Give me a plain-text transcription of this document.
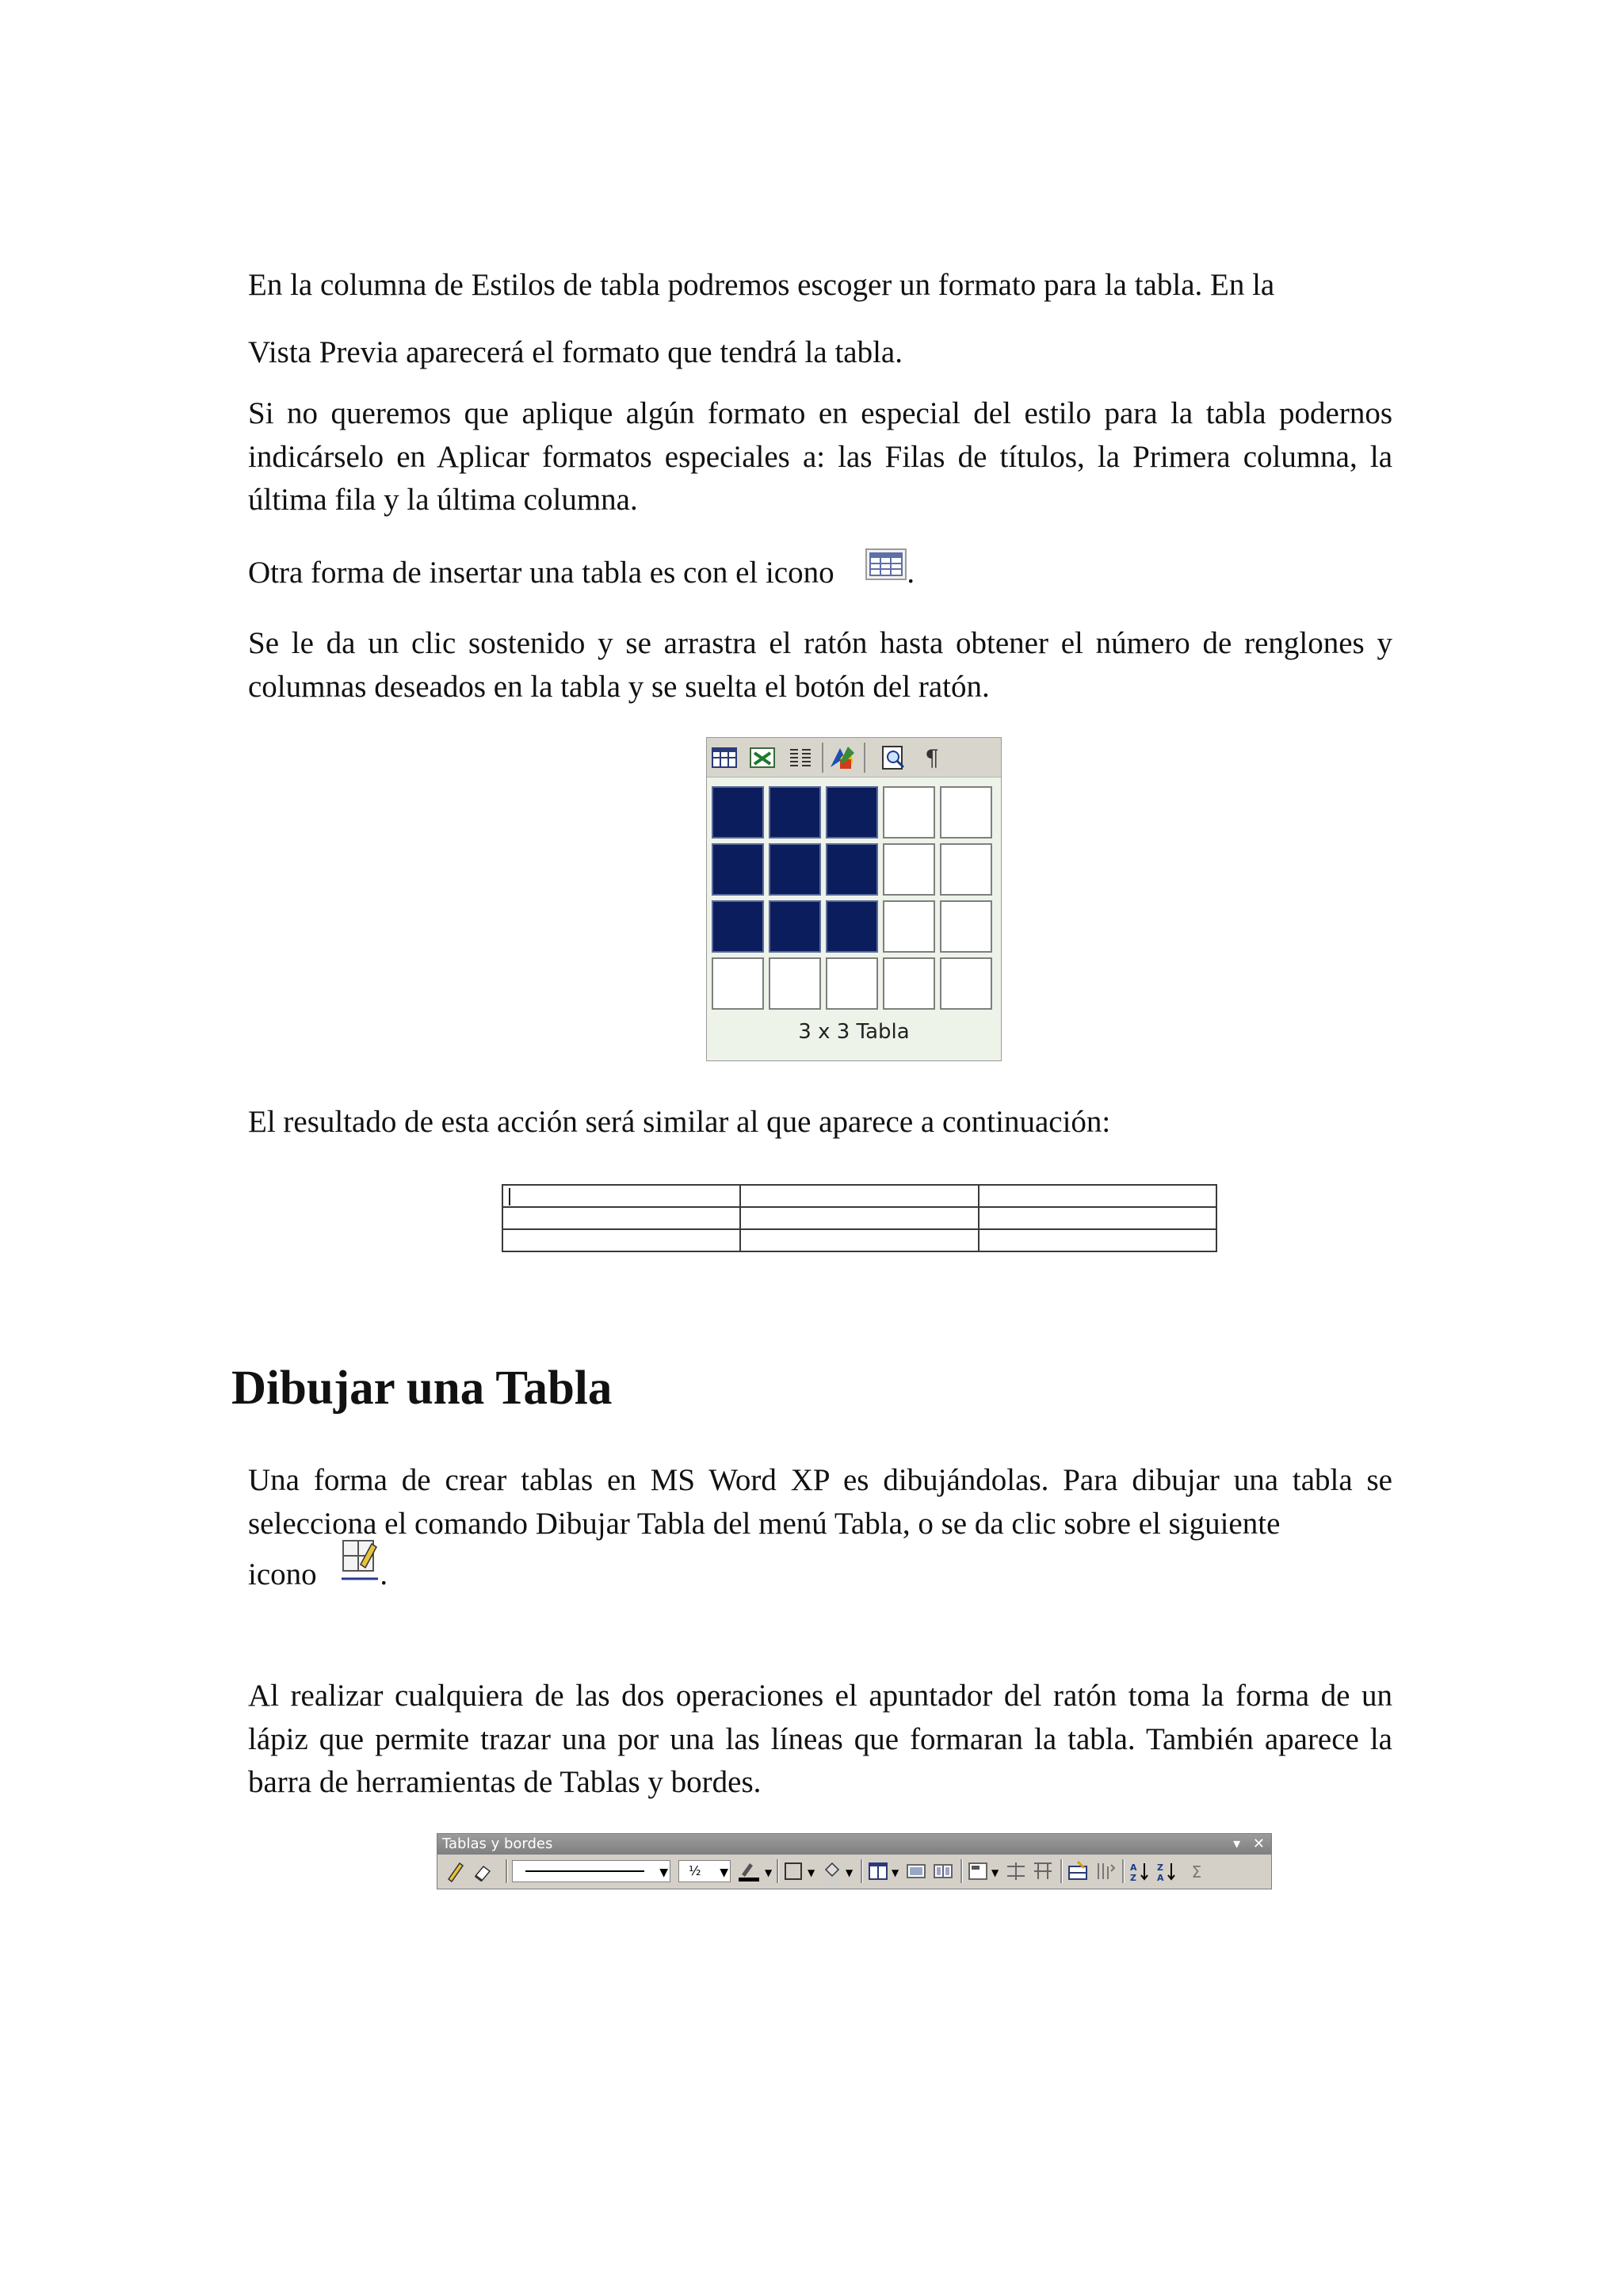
En la columna de Estilos de tabla podremos escoger un formato para la tabla. En la

Vista Previa aparecerá el formato que tendrá la tabla.

Si no queremos que aplique algún formato en especial del estilo para la tabla podernos indicárselo en Aplicar formatos especiales a: las Filas de títulos, la Primera columna, la última fila y la última columna.

Otra forma de insertar una tabla es con el icono .

Se le da un clic sostenido y se arrastra el ratón hasta obtener el número de renglones y columnas deseados en la tabla y se suelta el botón del ratón.

¶
3 x 3 Tabla

El resultado de esta acción será similar al que aparece a continuación:

Dibujar una Tabla

Una forma de crear tablas en MS Word XP es dibujándolas. Para dibujar una tabla se selecciona el comando Dibujar Tabla del menú Tabla, o se da clic sobre el siguiente
icono .

Al realizar cualquiera de las dos operaciones el apuntador del ratón toma la forma de un lápiz que permite trazar una por una las líneas que formaran la tabla. También aparece la barra de herramientas de Tablas y bordes.

Tablas y bordes	▾ ✕
▼ ½ ▼	▼	▼	▼	▼	▼	A
Z
Z
A Σ
